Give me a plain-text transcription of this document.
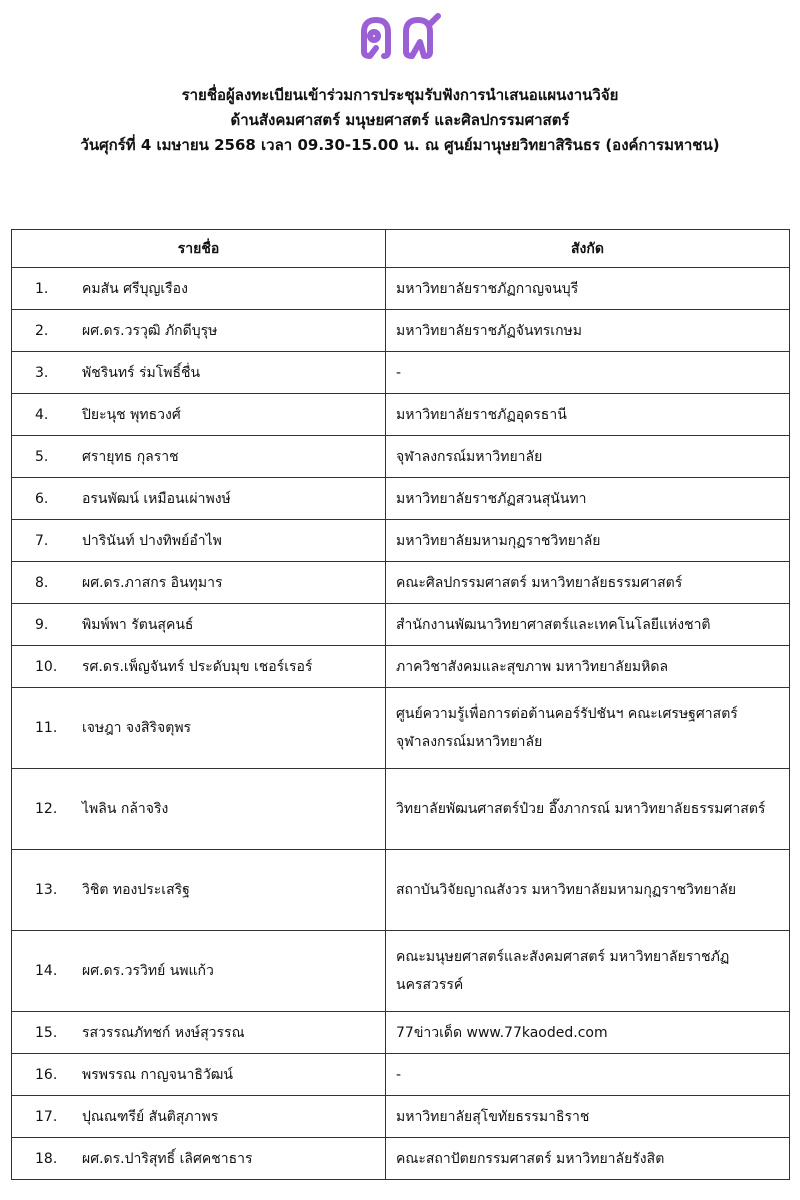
รายชื่อผู้ลงทะเบียนเข้าร่วมการประชุมรับฟังการนำเสนอแผนงานวิจัย
ด้านสังคมศาสตร์ มนุษยศาสตร์ และศิลปกรรมศาสตร์
วันศุกร์ที่ 4 เมษายน 2568 เวลา 09.30-15.00 น. ณ ศูนย์มานุษยวิทยาสิรินธร (องค์การมหาชน)
รายชื่อ	สังกัด

1. คมสัน ศรีบุญเรือง	มหาวิทยาลัยราชภัฏกาญจนบุรี

2. ผศ.ดร.วรวุฒิ ภักดีบุรุษ	มหาวิทยาลัยราชภัฏจันทรเกษม

3. พัชรินทร์ ร่มโพธิ์ชื่น	-

4. ปิยะนุช พุทธวงศ์	มหาวิทยาลัยราชภัฏอุดรธานี

5. ศรายุทธ กุลราช	จุฬาลงกรณ์มหาวิทยาลัย

6. อรนพัฒน์ เหมือนเผ่าพงษ์	มหาวิทยาลัยราชภัฏสวนสุนันทา

7. ปารินันท์ ปางทิพย์อำไพ	มหาวิทยาลัยมหามกุฏราชวิทยาลัย

8. ผศ.ดร.ภาสกร อินทุมาร	คณะศิลปกรรมศาสตร์ มหาวิทยาลัยธรรมศาสตร์

9. พิมพ์พา รัตนสุคนธ์	สำนักงานพัฒนาวิทยาศาสตร์และเทคโนโลยีแห่งชาติ

10. รศ.ดร.เพ็ญจันทร์ ประดับมุข เชอร์เรอร์	ภาควิชาสังคมและสุขภาพ มหาวิทยาลัยมหิดล

11. เจษฎา จงสิริจตุพร	ศูนย์ความรู้เพื่อการต่อต้านคอร์รัปชันฯ คณะเศรษฐศาสตร์ จุฬาลงกรณ์มหาวิทยาลัย

12. ไพลิน กล้าจริง	วิทยาลัยพัฒนศาสตร์ป๋วย อึ๊งภากรณ์ มหาวิทยาลัยธรรมศาสตร์

13. วิชิต ทองประเสริฐ	สถาบันวิจัยญาณสังวร มหาวิทยาลัยมหามกุฏราชวิทยาลัย

14. ผศ.ดร.วรวิทย์ นพแก้ว	คณะมนุษยศาสตร์และสังคมศาสตร์ มหาวิทยาลัยราชภัฏนครสวรรค์

15. รสวรรณภัทชก์ หงษ์สุวรรณ	77ข่าวเด็ด www.77kaoded.com

16. พรพรรณ กาญจนาธิวัฒน์	-

17. ปุณณฑรีย์ สันติสุภาพร	มหาวิทยาลัยสุโขทัยธรรมาธิราช

18. ผศ.ดร.ปาริสุทธิ์ เลิศคชาธาร	คณะสถาปัตยกรรมศาสตร์ มหาวิทยาลัยรังสิต
